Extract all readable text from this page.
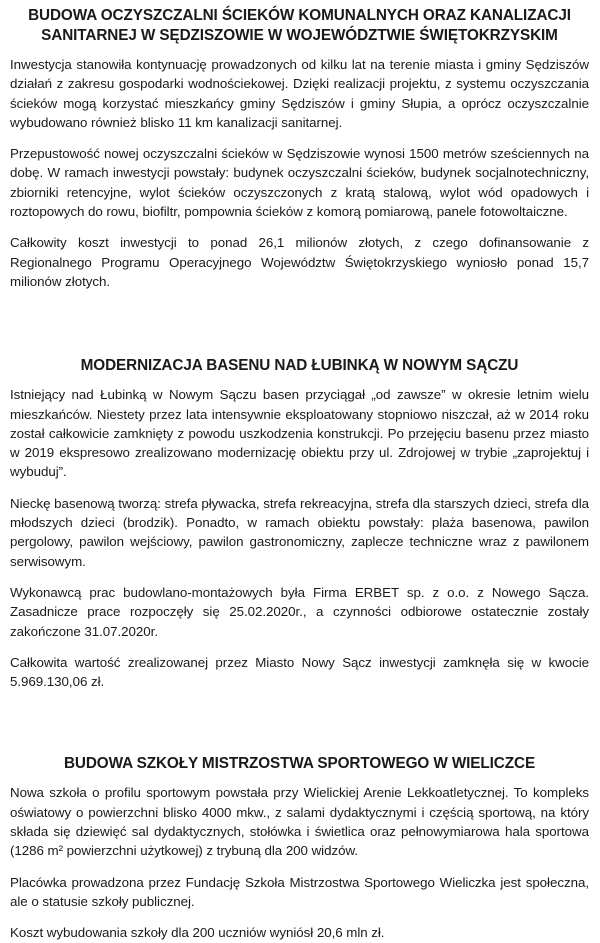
BUDOWA OCZYSZCZALNI ŚCIEKÓW KOMUNALNYCH ORAZ KANALIZACJI SANITARNEJ W SĘDZISZOWIE W WOJEWÓDZTWIE ŚWIĘTOKRZYSKIM

Inwestycja stanowiła kontynuację prowadzonych od kilku lat na terenie miasta i gminy Sędziszów działań z zakresu gospodarki wodnościekowej. Dzięki realizacji projektu, z systemu oczyszczania ścieków mogą korzystać mieszkańcy gminy Sędziszów i gminy Słupia, a oprócz oczyszczalnie wybudowano również blisko 11 km kanalizacji sanitarnej.

Przepustowość nowej oczyszczalni ścieków w Sędziszowie wynosi 1500 metrów sześciennych na dobę. W ramach inwestycji powstały: budynek oczyszczalni ścieków, budynek socjalnotechniczny, zbiorniki retencyjne, wylot ścieków oczyszczonych z kratą stalową, wylot wód opadowych i roztopowych do rowu, biofiltr, pompownia ścieków z komorą pomiarową, panele fotowoltaiczne.

Całkowity koszt inwestycji to ponad 26,1 milionów złotych, z czego dofinansowanie z Regionalnego Programu Operacyjnego Województw Świętokrzyskiego wyniosło ponad 15,7 milionów złotych.

MODERNIZACJA BASENU NAD ŁUBINKĄ W NOWYM SĄCZU

Istniejący nad Łubinką w Nowym Sączu basen przyciągał „od zawsze” w okresie letnim wielu mieszkańców. Niestety przez lata intensywnie eksploatowany stopniowo niszczał, aż w 2014 roku został całkowicie zamknięty z powodu uszkodzenia konstrukcji. Po przejęciu basenu przez miasto w 2019 ekspresowo zrealizowano modernizację obiektu przy ul. Zdrojowej w trybie „zaprojektuj i wybuduj”.

Nieckę basenową tworzą: strefa pływacka, strefa rekreacyjna, strefa dla starszych dzieci, strefa dla młodszych dzieci (brodzik). Ponadto, w ramach obiektu powstały: plaża basenowa, pawilon pergolowy, pawilon wejściowy, pawilon gastronomiczny, zaplecze techniczne wraz z pawilonem serwisowym.

Wykonawcą prac budowlano-montażowych była Firma ERBET sp. z o.o. z Nowego Sącza. Zasadnicze prace rozpoczęły się 25.02.2020r., a czynności odbiorowe ostatecznie zostały zakończone 31.07.2020r.

Całkowita wartość zrealizowanej przez Miasto Nowy Sącz inwestycji zamknęła się w kwocie 5.969.130,06 zł.

BUDOWA SZKOŁY MISTRZOSTWA SPORTOWEGO W WIELICZCE

Nowa szkoła o profilu sportowym powstała przy Wielickiej Arenie Lekkoatletycznej. To kompleks oświatowy o powierzchni blisko 4000 mkw., z salami dydaktycznymi i częścią sportową, na który składa się dziewięć sal dydaktycznych, stołówka i świetlica oraz pełnowymiarowa hala sportowa (1286 m² powierzchni użytkowej) z trybuną dla 200 widzów.

Placówka prowadzona przez Fundację Szkoła Mistrzostwa Sportowego Wieliczka jest społeczna, ale o statusie szkoły publicznej.

Koszt wybudowania szkoły dla 200 uczniów wyniósł 20,6 mln zł.
